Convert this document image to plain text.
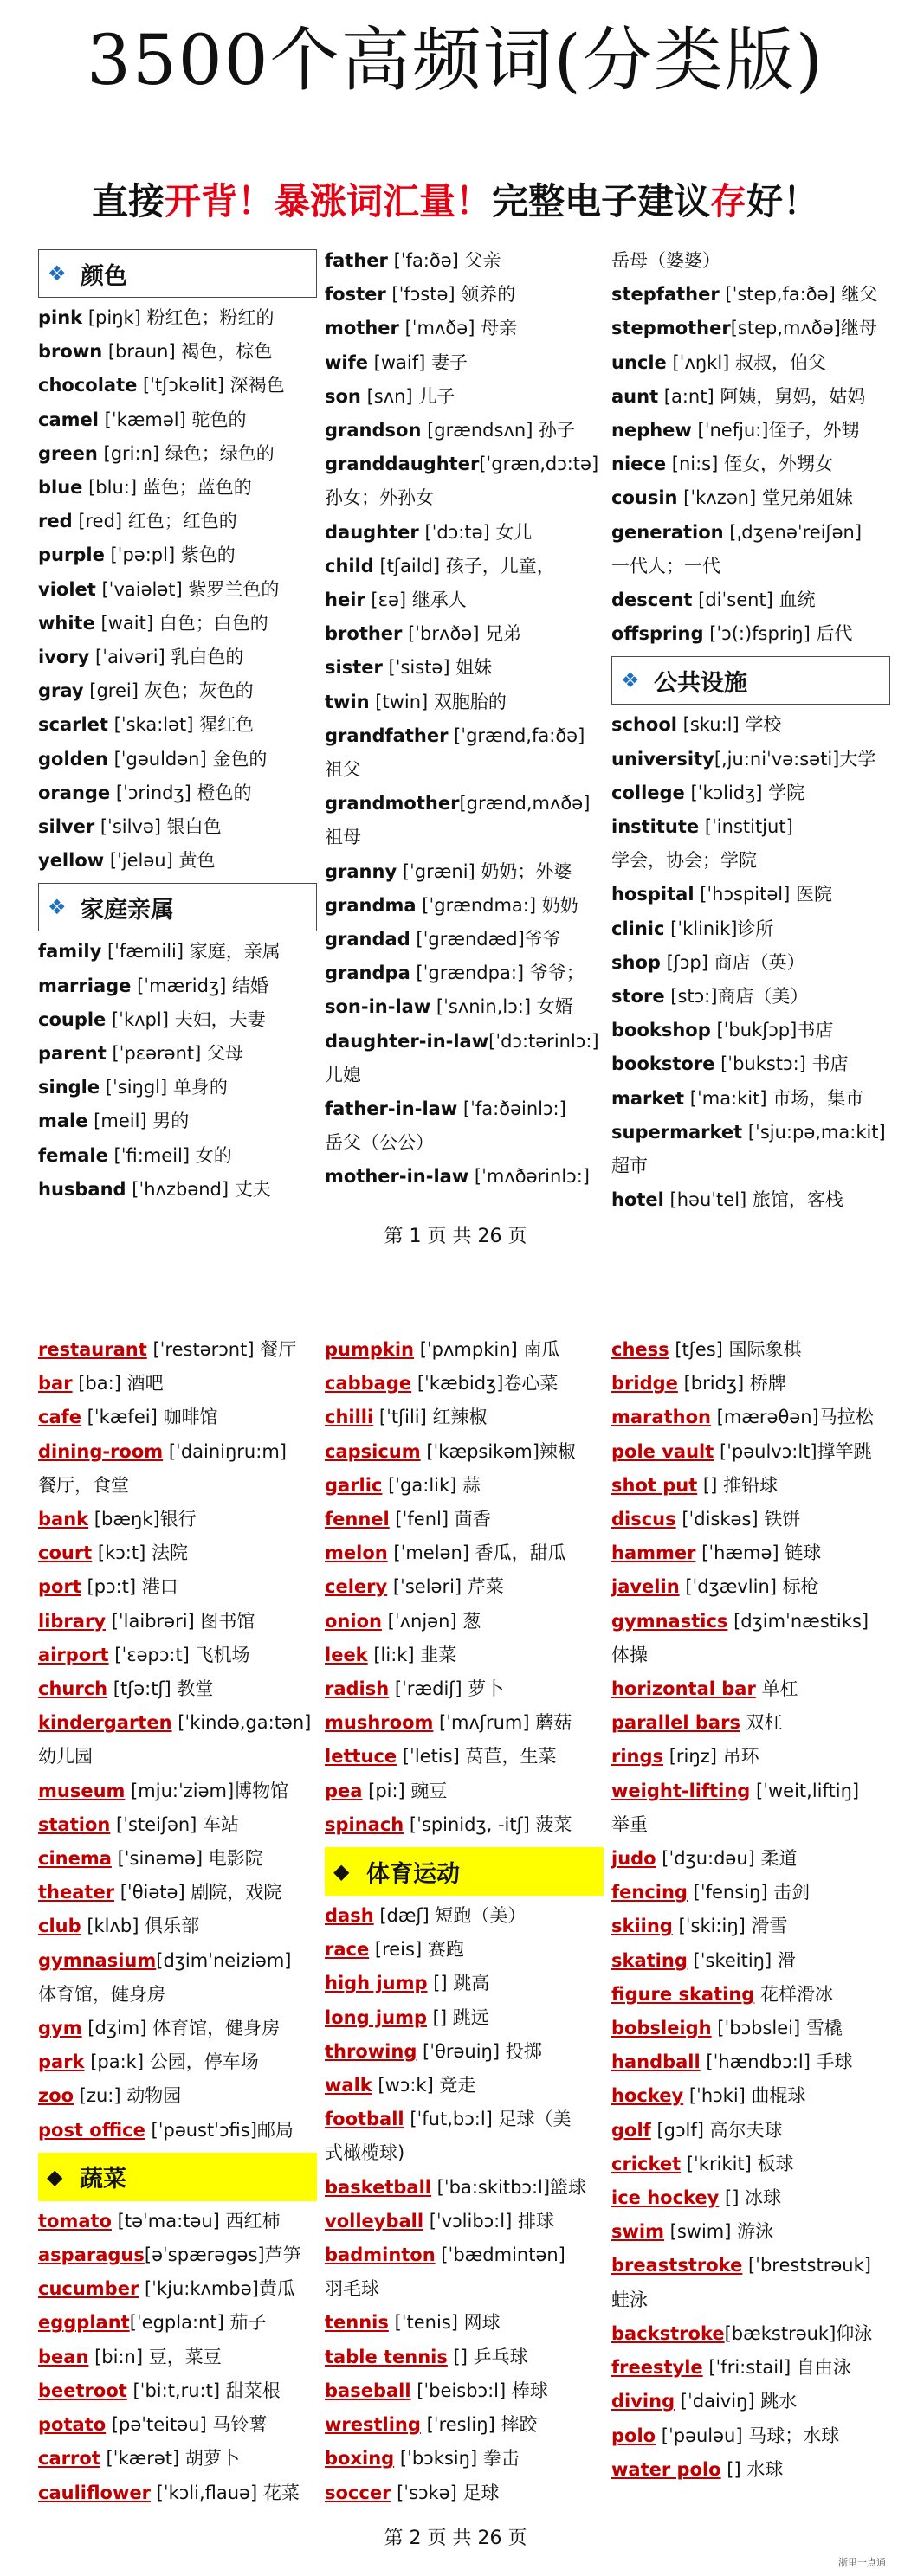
3500个高频词(分类版)
直接开背！暴涨词汇量！完整电子建议存好！
❖ 颜色
pink [piŋk] 粉红色；粉红的
brown [braun] 褐色，棕色
chocolate [ˈtʃɔkəlit] 深褐色
camel [ˈkæməl] 驼色的
green [gri:n] 绿色；绿色的
blue [blu:] 蓝色；蓝色的
red [red] 红色；红色的
purple [ˈpə:pl] 紫色的
violet [ˈvaiələt] 紫罗兰色的
white [wait] 白色；白色的
ivory [ˈaivəri] 乳白色的
gray [grei] 灰色；灰色的
scarlet [ˈska:lət] 猩红色
golden [ˈgəuldən] 金色的
orange [ˈɔrindʒ] 橙色的
silver [ˈsilvə] 银白色
yellow [ˈjeləu] 黄色
❖ 家庭亲属
family [ˈfæmili] 家庭，亲属
marriage [ˈmæridʒ] 结婚
couple [ˈkʌpl] 夫妇，夫妻
parent [ˈpɛərənt] 父母
single [ˈsiŋgl] 单身的
male [meil] 男的
female [ˈfi:meil] 女的
husband [ˈhʌzbənd] 丈夫
father [ˈfa:ðə] 父亲
foster [ˈfɔstə] 领养的
mother [ˈmʌðə] 母亲
wife [waif] 妻子
son [sʌn] 儿子
grandson [grændsʌn] 孙子
granddaughter[ˈgræn,dɔ:tə]
孙女；外孙女
daughter [ˈdɔ:tə] 女儿
child [tʃaild] 孩子，儿童，
heir [ɛə] 继承人
brother [ˈbrʌðə] 兄弟
sister [ˈsistə] 姐妹
twin [twin] 双胞胎的
grandfather [ˈgrænd,fa:ðə]
祖父
grandmother[grænd,mʌðə]
祖母
granny [ˈgræni] 奶奶；外婆
grandma [ˈgrændma:] 奶奶
grandad [ˈgrændæd]爷爷
grandpa [ˈgrændpa:] 爷爷；
son-in-law [ˈsʌnin,lɔ:] 女婿
daughter-in-law[ˈdɔ:tərinlɔ:]
儿媳
father-in-law [ˈfa:ðəinlɔ:]
岳父（公公）
mother-in-law [ˈmʌðərinlɔ:]
岳母（婆婆）
stepfather [ˈstep,fa:ðə] 继父
stepmother[step,mʌðə]继母
uncle [ˈʌŋkl] 叔叔，伯父
aunt [a:nt] 阿姨，舅妈，姑妈
nephew [ˈnefju:]侄子，外甥
niece [ni:s] 侄女，外甥女
cousin [ˈkʌzən] 堂兄弟姐妹
generation [ˌdʒenəˈreiʃən]
一代人；一代
descent [diˈsent] 血统
offspring [ˈɔ(:)fspriŋ] 后代
❖ 公共设施
school [sku:l] 学校
university[,ju:niˈvə:səti]大学
college [ˈkɔlidʒ] 学院
institute [ˈinstitjut]
学会，协会；学院
hospital [ˈhɔspitəl] 医院
clinic [ˈklinik]诊所
shop [ʃɔp] 商店（英）
store [stɔ:]商店（美）
bookshop [ˈbukʃɔp]书店
bookstore [ˈbukstɔ:] 书店
market [ˈma:kit] 市场，集市
supermarket [ˈsju:pə,ma:kit]
超市
hotel [həuˈtel] 旅馆，客栈
第 1 页 共 26 页
restaurant [ˈrestərɔnt] 餐厅
bar [ba:] 酒吧
cafe [ˈkæfei] 咖啡馆
dining-room [ˈdainiŋru:m]
餐厅，食堂
bank [bæŋk]银行
court [kɔ:t] 法院
port [pɔ:t] 港口
library [ˈlaibrəri] 图书馆
airport [ˈɛəpɔ:t] 飞机场
church [tʃə:tʃ] 教堂
kindergarten [ˈkində,ga:tən]
幼儿园
museum [mju:ˈziəm]博物馆
station [ˈsteiʃən] 车站
cinema [ˈsinəmə] 电影院
theater [ˈθiətə] 剧院，戏院
club [klʌb] 俱乐部
gymnasium[dʒimˈneiziəm]
体育馆，健身房
gym [dʒim] 体育馆，健身房
park [pa:k] 公园，停车场
zoo [zu:] 动物园
post office [ˈpəustˈɔfis]邮局
◆ 蔬菜
tomato [təˈma:təu] 西红柿
asparagus[əˈspærəgəs]芦笋
cucumber [ˈkju:kʌmbə]黄瓜
eggplant[ˈegpla:nt] 茄子
bean [bi:n] 豆，菜豆
beetroot [ˈbi:t,ru:t] 甜菜根
potato [pəˈteitəu] 马铃薯
carrot [ˈkærət] 胡萝卜
cauliflower [ˈkɔli,flauə] 花菜
pumpkin [ˈpʌmpkin] 南瓜
cabbage [ˈkæbidʒ]卷心菜
chilli [ˈtʃili] 红辣椒
capsicum [ˈkæpsikəm]辣椒
garlic [ˈga:lik] 蒜
fennel [ˈfenl] 茴香
melon [ˈmelən] 香瓜，甜瓜
celery [ˈseləri] 芹菜
onion [ˈʌnjən] 葱
leek [li:k] 韭菜
radish [ˈrædiʃ] 萝卜
mushroom [ˈmʌʃrum] 蘑菇
lettuce [ˈletis] 莴苣，生菜
pea [pi:] 豌豆
spinach [ˈspinidʒ, -itʃ] 菠菜
◆ 体育运动
dash [dæʃ] 短跑（美）
race [reis] 赛跑
high jump [] 跳高
long jump [] 跳远
throwing [ˈθrəuiŋ] 投掷
walk [wɔ:k] 竞走
football [ˈfut,bɔ:l] 足球（美
式橄榄球)
basketball [ˈba:skitbɔ:l]篮球
volleyball [ˈvɔlibɔ:l] 排球
badminton [ˈbædmintən]
羽毛球
tennis [ˈtenis] 网球
table tennis [] 乒乓球
baseball [ˈbeisbɔ:l] 棒球
wrestling [ˈresliŋ] 摔跤
boxing [ˈbɔksiŋ] 拳击
soccer [ˈsɔkə] 足球
chess [tʃes] 国际象棋
bridge [bridʒ] 桥牌
marathon [mærəθən]马拉松
pole vault [ˈpəulvɔ:lt]撑竿跳
shot put [] 推铅球
discus [ˈdiskəs] 铁饼
hammer [ˈhæmə] 链球
javelin [ˈdʒævlin] 标枪
gymnastics [dʒimˈnæstiks]
体操
horizontal bar 单杠
parallel bars 双杠
rings [riŋz] 吊环
weight-lifting [ˈweit,liftiŋ]
举重
judo [ˈdʒu:dəu] 柔道
fencing [ˈfensiŋ] 击剑
skiing [ˈski:iŋ] 滑雪
skating [ˈskeitiŋ] 滑
figure skating 花样滑冰
bobsleigh [ˈbɔbslei] 雪橇
handball [ˈhændbɔ:l] 手球
hockey [ˈhɔki] 曲棍球
golf [gɔlf] 高尔夫球
cricket [ˈkrikit] 板球
ice hockey [] 冰球
swim [swim] 游泳
breaststroke [ˈbreststrəuk]
蛙泳
backstroke[bækstrəuk]仰泳
freestyle [ˈfri:stail] 自由泳
diving [ˈdaiviŋ] 跳水
polo [ˈpəuləu] 马球；水球
water polo [] 水球
第 2 页 共 26 页
浙里一点通
